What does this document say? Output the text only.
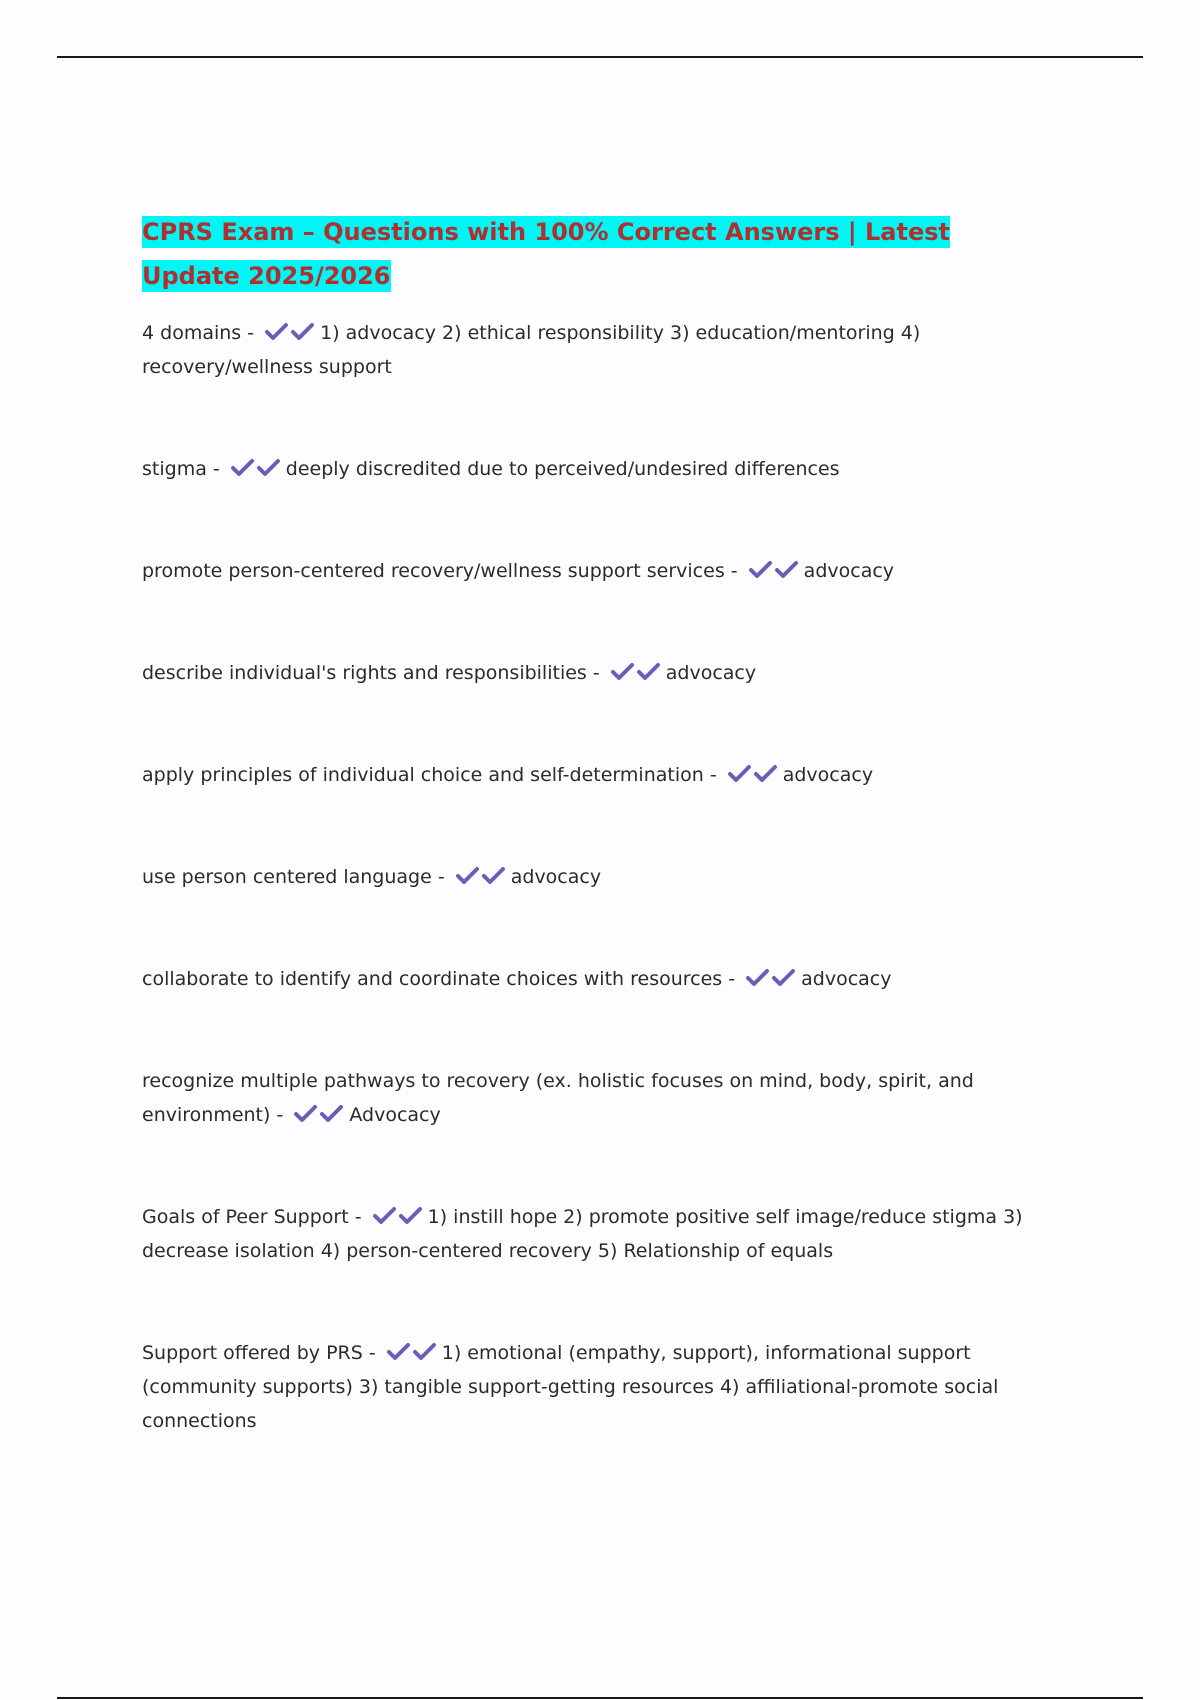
CPRS Exam – Questions with 100% Correct Answers | Latest Update 2025/2026

4 domains -	1) advocacy 2) ethical responsibility 3) education/mentoring 4) recovery/wellness support

stigma -	deeply discredited due to perceived/undesired differences

promote person-centered recovery/wellness support services -	advocacy

describe individual's rights and responsibilities -	advocacy

apply principles of individual choice and self-determination -	advocacy

use person centered language -	advocacy

collaborate to identify and coordinate choices with resources -	advocacy

recognize multiple pathways to recovery (ex. holistic focuses on mind, body, spirit, and environment) -	Advocacy

Goals of Peer Support -	1) instill hope 2) promote positive self image/reduce stigma 3) decrease isolation 4) person-centered recovery 5) Relationship of equals

Support offered by PRS -	1) emotional (empathy, support), informational support (community supports) 3) tangible support-getting resources 4) affiliational-promote social connections
